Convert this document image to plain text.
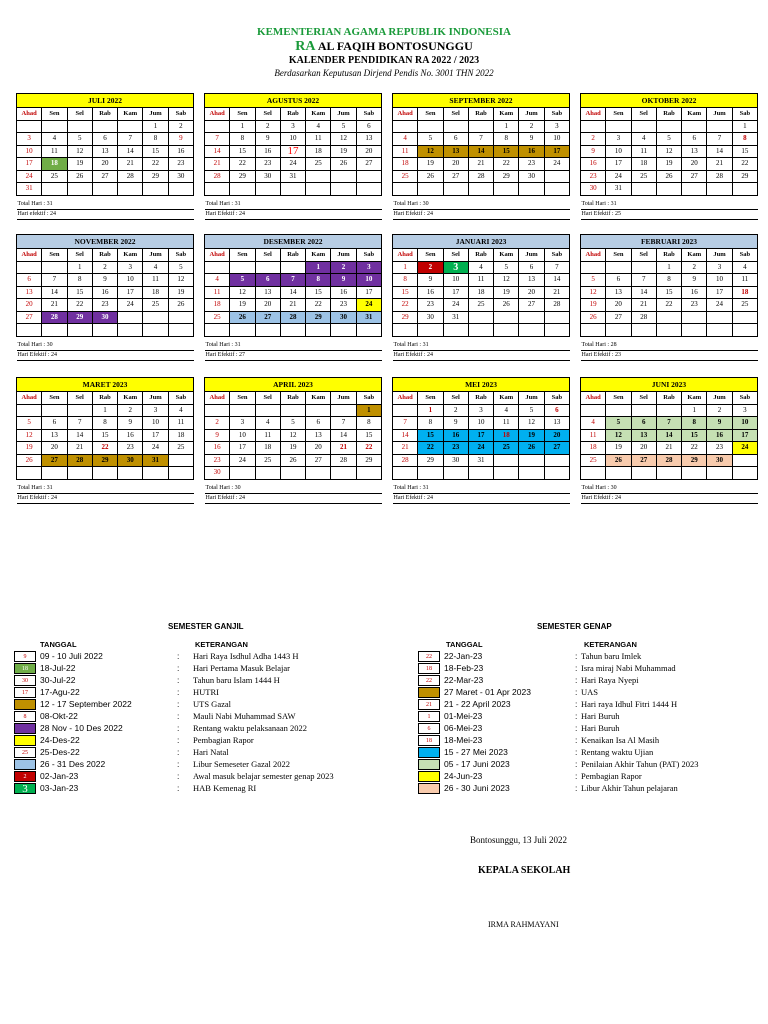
KEMENTERIAN AGAMA REPUBLIK INDONESIA
RA AL FAQIH BONTOSUNGGU
KALENDER PENDIDIKAN RA 2022 / 2023
Berdasarkan Keputusan Dirjend Pendis No. 3001 THN 2022
JULI 2022						
Ahad	Sen	Sel	Rab	Kam	Jum	Sab
					1	2
3	4	5	6	7	8	9
10	11	12	13	14	15	16
17	18	19	20	21	22	23
24	25	26	27	28	29	30
31						

Total Hari : 31						
Hari efektif : 24						
AGUSTUS 2022						
Ahad	Sen	Sel	Rab	Kam	Jum	Sab
	1	2	3	4	5	6
7	8	9	10	11	12	13
14	15	16	17	18	19	20
21	22	23	24	25	26	27
28	29	30	31			

Total Hari : 31						
Hari Efektif : 24						
SEPTEMBER 2022						
Ahad	Sen	Sel	Rab	Kam	Jum	Sab
				1	2	3
4	5	6	7	8	9	10
11	12	13	14	15	16	17
18	19	20	21	22	23	24
25	26	27	28	29	30	

Total Hari : 30						
Hari Efektif : 24						
OKTOBER 2022						
Ahad	Sen	Sel	Rab	Kam	Jum	Sab
						1
2	3	4	5	6	7	8
9	10	11	12	13	14	15
16	17	18	19	20	21	22
23	24	25	26	27	28	29
30	31					

Total Hari : 31						
Hari Efektif : 25						
NOVEMBER 2022						
Ahad	Sen	Sel	Rab	Kam	Jum	Sab
		1	2	3	4	5
6	7	8	9	10	11	12
13	14	15	16	17	18	19
20	21	22	23	24	25	26
27	28	29	30			

Total Hari : 30						
Hari Efektif : 24						
DESEMBER 2022						
Ahad	Sen	Sel	Rab	Kam	Jum	Sab
				1	2	3
4	5	6	7	8	9	10
11	12	13	14	15	16	17
18	19	20	21	22	23	24
25	26	27	28	29	30	31

Total Hari : 31						
Hari Efektif : 27						
JANUARI 2023						
Ahad	Sen	Sel	Rab	Kam	Jum	Sab
1	2	3	4	5	6	7
8	9	10	11	12	13	14
15	16	17	18	19	20	21
22	23	24	25	26	27	28
29	30	31				

Total Hari : 31						
Hari Efektif : 24						
FEBRUARI 2023						
Ahad	Sen	Sel	Rab	Kam	Jum	Sab
			1	2	3	4
5	6	7	8	9	10	11
12	13	14	15	16	17	18
19	20	21	22	23	24	25
26	27	28				

Total Hari : 28						
Hari Efektif : 23						
MARET 2023						
Ahad	Sen	Sel	Rab	Kam	Jum	Sab
			1	2	3	4
5	6	7	8	9	10	11
12	13	14	15	16	17	18
19	20	21	22	23	24	25
26	27	28	29	30	31	

Total Hari : 31						
Hari Efektif : 24						
APRIL 2023						
Ahad	Sen	Sel	Rab	Kam	Jum	Sab
						1
2	3	4	5	6	7	8
9	10	11	12	13	14	15
16	17	18	19	20	21	22
23	24	25	26	27	28	29
30						

Total Hari : 30						
Hari Efektif : 24						
MEI 2023						
Ahad	Sen	Sel	Rab	Kam	Jum	Sab
	1	2	3	4	5	6
7	8	9	10	11	12	13
14	15	16	17	18	19	20
21	22	23	24	25	26	27
28	29	30	31			

Total Hari : 31						
Hari Efektif : 24						
JUNI 2023						
Ahad	Sen	Sel	Rab	Kam	Jum	Sab
				1	2	3
4	5	6	7	8	9	10
11	12	13	14	15	16	17
18	19	20	21	22	23	24
25	26	27	28	29	30	

Total Hari : 30						
Hari Efektif : 24						
SEMESTER GANJIL
TANGGAL	KETERANGAN
9	09 - 10 Juli 2022	: Hari Raya Isdhul Adha 1443 H
18	18-Jul-22	: Hari Pertama Masuk Belajar
30	30-Jul-22	: Tahun baru Islam 1444 H
17	17-Agu-22	: HUTRI
12 - 17 September 2022	: UTS Gazal
8	08-Okt-22	: Mauli Nabi Muhammad SAW
28 Nov - 10 Des 2022	: Rentang waktu pelaksanaan 2022
24-Des-22	: Pembagian Rapor
25	25-Des-22	: Hari Natal
26 - 31 Des 2022	: Libur Semeseter Gazal 2022
2	02-Jan-23	: Awal masuk belajar semester genap 2023
3	03-Jan-23	: HAB Kemenag RI
SEMESTER GENAP
TANGGAL	KETERANGAN
22	22-Jan-23	: Tahun baru Imlek
18	18-Feb-23	: Isra miraj Nabi Muhammad
22	22-Mar-23	: Hari Raya Nyepi
27 Maret - 01 Apr 2023	: UAS
21	21 - 22 April 2023	: Hari raya Idhul Fitri 1444 H
1	01-Mei-23	: Hari Buruh
6	06-Mei-23	: Hari Buruh
18	18-Mei-23	: Kenaikan Isa Al Masih
15 - 27 Mei 2023	: Rentang waktu Ujian
05 - 17 Juni 2023	: Penilaian Akhir Tahun (PAT) 2023
24-Jun-23	: Pembagian Rapor
26 - 30 Juni 2023	: Libur Akhir Tahun pelajaran
Bontosunggu, 13 Juli 2022
KEPALA SEKOLAH
IRMA RAHMAYANI
